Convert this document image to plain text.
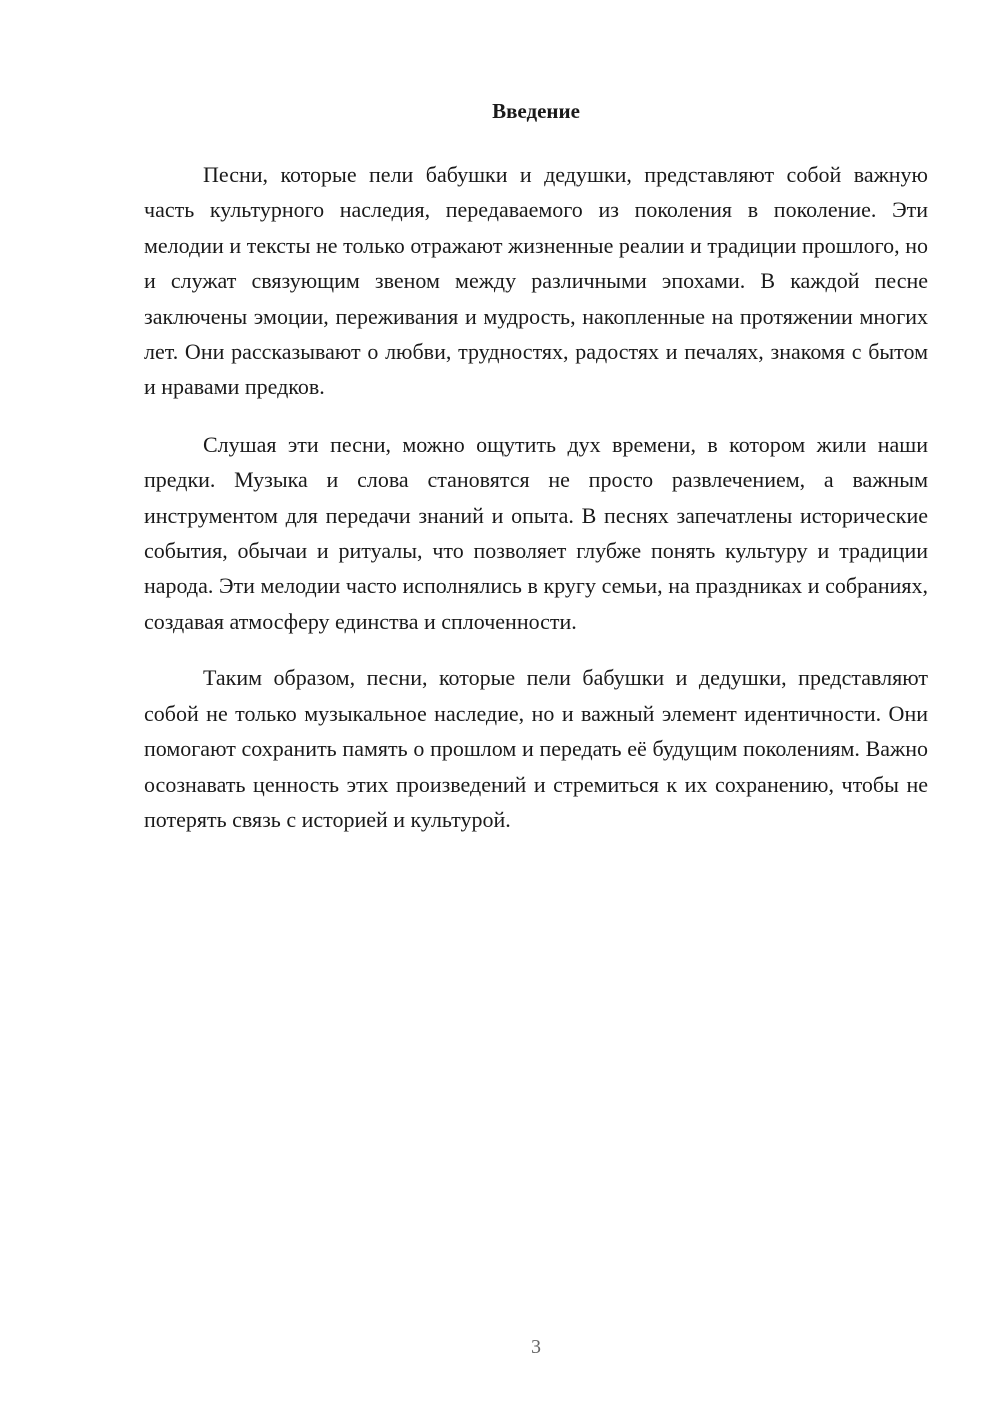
Введение

Песни, которые пели бабушки и дедушки, представляют собой важную часть культурного наследия, передаваемого из поколения в поколение. Эти мелодии и тексты не только отражают жизненные реалии и традиции прошлого, но и служат связующим звеном между различными эпохами. В каждой песне заключены эмоции, переживания и мудрость, накопленные на протяжении многих лет. Они рассказывают о любви, трудностях, радостях и печалях, знакомя с бытом и нравами предков.

Слушая эти песни, можно ощутить дух времени, в котором жили наши предки. Музыка и слова становятся не просто развлечением, а важным инструментом для передачи знаний и опыта. В песнях запечатлены исторические события, обычаи и ритуалы, что позволяет глубже понять культуру и традиции народа. Эти мелодии часто исполнялись в кругу семьи, на праздниках и собраниях, создавая атмосферу единства и сплоченности.

Таким образом, песни, которые пели бабушки и дедушки, представляют собой не только музыкальное наследие, но и важный элемент идентичности. Они помогают сохранить память о прошлом и передать её будущим поколениям. Важно осознавать ценность этих произведений и стремиться к их сохранению, чтобы не потерять связь с историей и культурой.

3
